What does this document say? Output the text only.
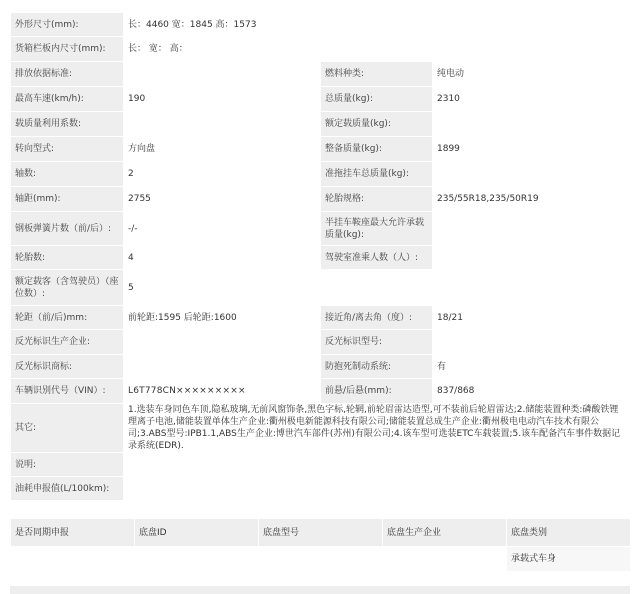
外形尺寸(mm):	长：4460 宽：1845 高：1573		
货箱栏板内尺寸(mm):	长： 宽： 高：		
排放依据标准:		燃料种类:	纯电动
最高车速(km/h):	190	总质量(kg):	2310
载质量利用系数:		额定载质量(kg):	
转向型式:	方向盘	整备质量(kg):	1899
轴数:	2	准拖挂车总质量(kg):	
轴距(mm):	2755	轮胎规格:	235/55R18,235/50R19
钢板弹簧片数（前/后）:	-/-	半挂车鞍座最大允许承载质量(kg):	
轮胎数:	4	驾驶室准乘人数（人）:	
额定载客（含驾驶员）（座位数）:	5		
轮距（前/后)mm:	前轮距:1595 后轮距:1600	接近角/离去角（度）:	18/21
反光标识生产企业:		反光标识型号:	
反光标识商标:		防抱死制动系统:	有
车辆识别代号（VIN）:	L6T778CN×××××××××	前悬/后悬(mm):	837/868
其它:	1.选装车身同色车顶,隐私玻璃,无前风窗饰条,黑色字标,轮辋,前轮眉雷达造型,可不装前后轮眉雷达;2.储能装置种类:磷酸铁锂理离子电池,储能装置单体生产企业:衢州极电新能源科技有限公司;储能装置总成生产企业:衢州极电电动汽车技术有限公司;3.ABS型号:IPB1.1,ABS生产企业:博世汽车部件(苏州)有限公司;4.该车型可选装ETC车载装置;5.该车配备汽车事件数据记录系统(EDR).		
说明:			
油耗申报值(L/100km):			
是否同期申报	底盘ID	底盘型号	底盘生产企业	底盘类别
				承载式车身
